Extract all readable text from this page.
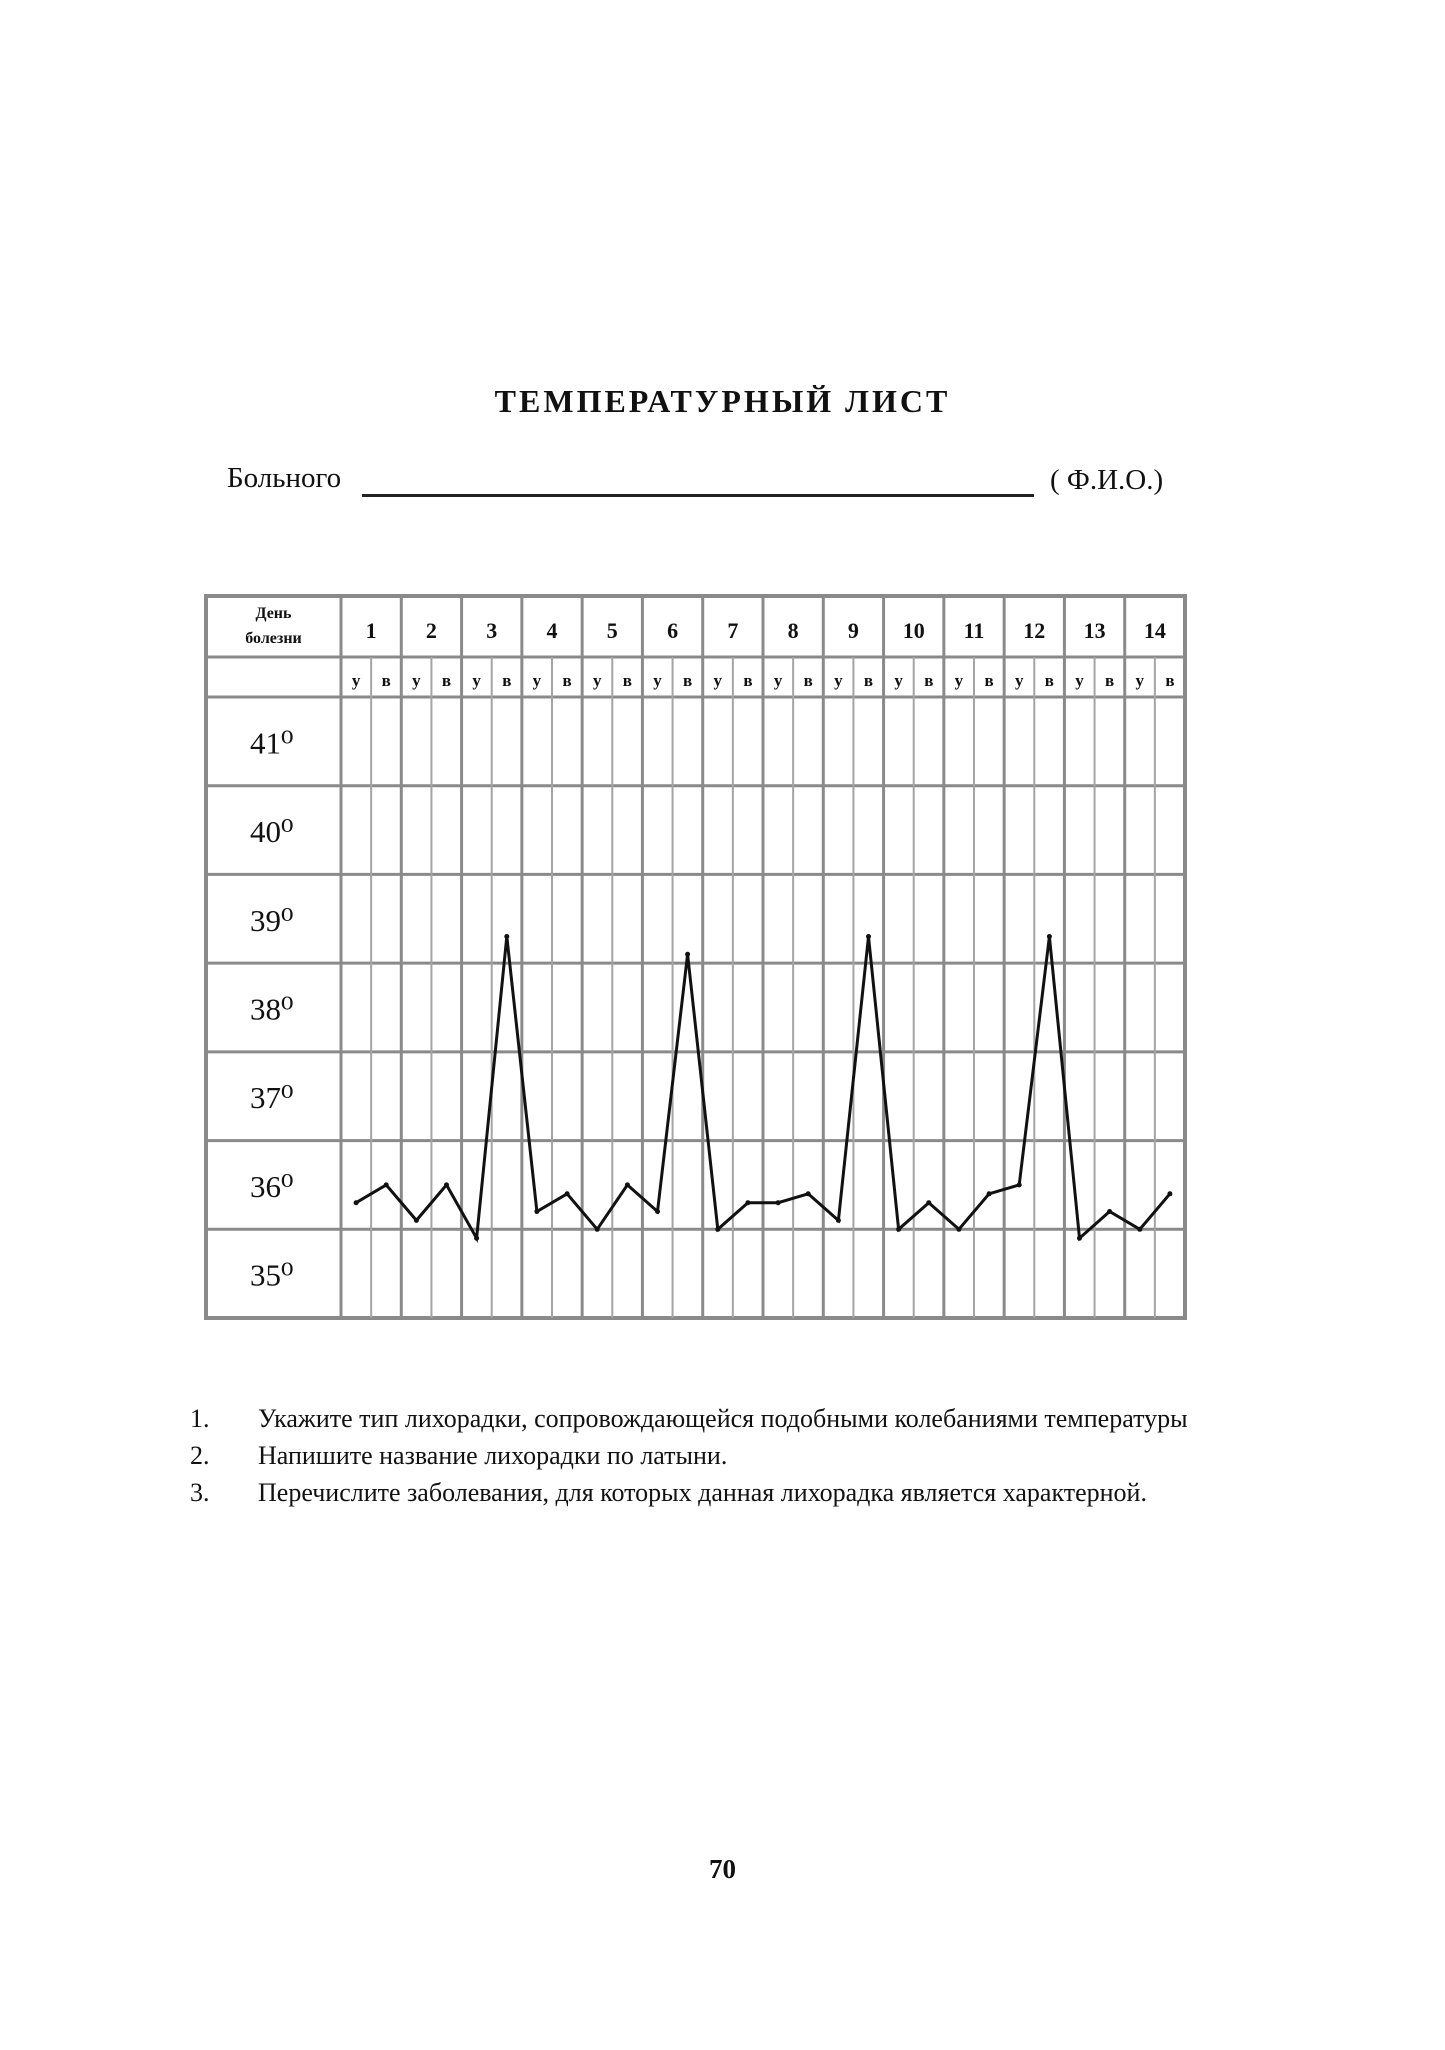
ТЕМПЕРАТУРНЫЙ ЛИСТ
Больного	( Ф.И.О.)
День
болезни	1 2 3 4 5 6 7 8 9 10 11 12 13 14
у в у в у в у в у в у в у в у в у в у в у в у в у в у в
41⁰
40⁰
39⁰
38⁰
37⁰
36⁰
35⁰
1. Укажите тип лихорадки, сопровождающейся подобными колебаниями температуры
2. Напишите название лихорадки по латыни.
3. Перечислите заболевания, для которых данная лихорадка является характерной.
70
